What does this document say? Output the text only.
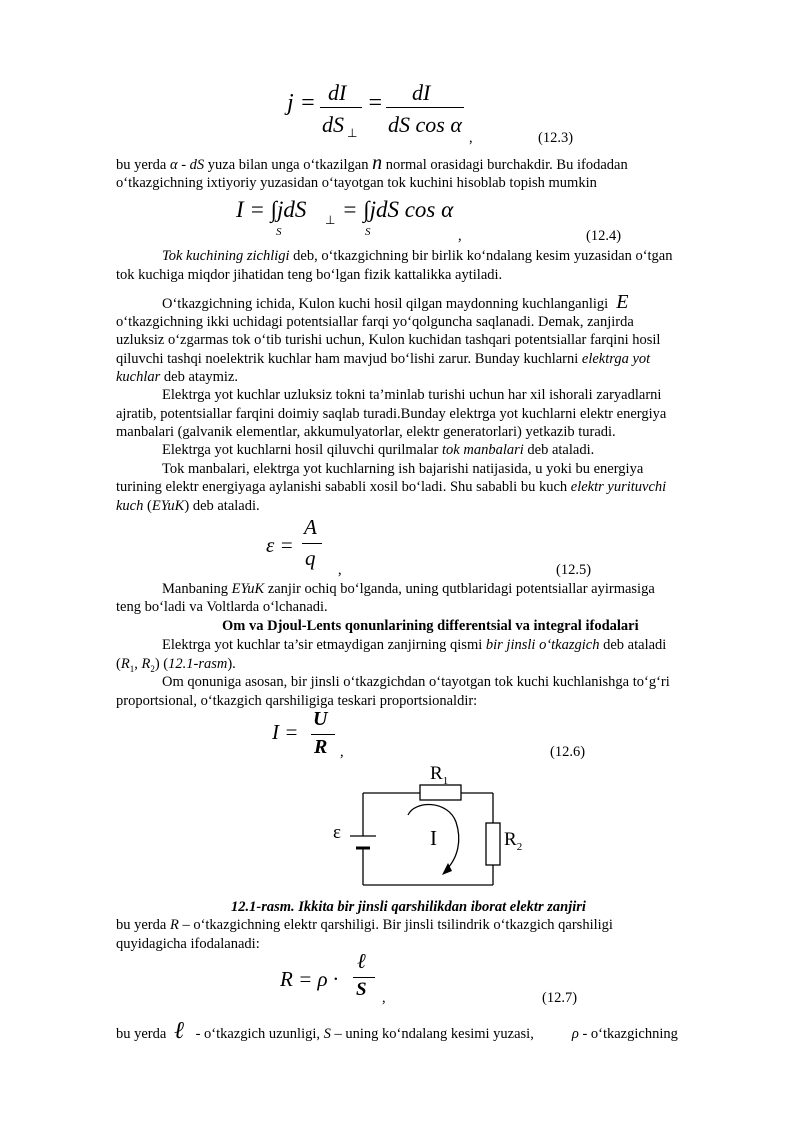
j = dI
dS ⊥
= dI
dS cos α
,	(12.3)
bu yerda α - dS yuza bilan unga o‘tkazilgan n normal orasidagi burchakdir. Bu ifodadan
o‘tkazgichning ixtiyoriy yuzasidan o‘tayotgan tok kuchini hisoblab topish mumkin
I = ∫jdS ⊥ = ∫jdS cos α
S	S	,	(12.4)
Tok kuchining zichligi deb, o‘tkazgichning bir birlik ko‘ndalang kesim yuzasidan o‘tgan
tok kuchiga miqdor jihatidan teng bo‘lgan fizik kattalikka aytiladi.
O‘tkazgichning ichida, Kulon kuchi hosil qilgan maydonning kuchlanganligi E
o‘tkazgichning ikki uchidagi potentsiallar farqi yo‘qolguncha saqlanadi. Demak, zanjirda
uzluksiz o‘zgarmas tok o‘tib turishi uchun, Kulon kuchidan tashqari potentsiallar farqini hosil
qiluvchi tashqi noelektrik kuchlar ham mavjud bo‘lishi zarur. Bunday kuchlarni elektrga yot
kuchlar deb ataymiz.
Elektrga yot kuchlar uzluksiz tokni ta’minlab turishi uchun har xil ishorali zaryadlarni
ajratib, potentsiallar farqini doimiy saqlab turadi.Bunday elektrga yot kuchlarni elektr energiya
manbalari (galvanik elementlar, akkumulyatorlar, elektr generatorlari) yetkazib turadi.
Elektrga yot kuchlarni hosil qiluvchi qurilmalar tok manbalari deb ataladi.
Tok manbalari, elektrga yot kuchlarning ish bajarishi natijasida, u yoki bu energiya
turining elektr energiyaga aylanishi sababli xosil bo‘ladi. Shu sababli bu kuch elektr yurituvchi
kuch (EYuK) deb ataladi.
ε =
A
q ,	(12.5)
Manbaning EYuK zanjir ochiq bo‘lganda, uning qutblaridagi potentsiallar ayirmasiga
teng bo‘ladi va Voltlarda o‘lchanadi.
Om va Djoul-Lents qonunlarining differentsial va integral ifodalari
Elektrga yot kuchlar ta’sir etmaydigan zanjirning qismi bir jinsli o‘tkazgich deb ataladi
($R_1$, $R_2$) (12.1-rasm).
Om qonuniga asosan, bir jinsli o‘tkazgichdan o‘tayotgan tok kuchi kuchlanishga to‘g‘ri
proportsional, o‘tkazgich qarshiligiga teskari proportsionaldir:
I =
U
R ,	(12.6)
$R_1$
$R_2$
ε	I
12.1-rasm. Ikkita bir jinsli qarshilikdan iborat elektr zanjiri
bu yerda R – o‘tkazgichning elektr qarshiligi. Bir jinsli tsilindrik o‘tkazgich qarshiligi
quyidagicha ifodalanadi:
R = ρ ·
ℓ
S ,	(12.7)
bu yerda ℓ - o‘tkazgich uzunligi, S – uning ko‘ndalang kesimi yuzasi,	ρ - o‘tkazgichning
